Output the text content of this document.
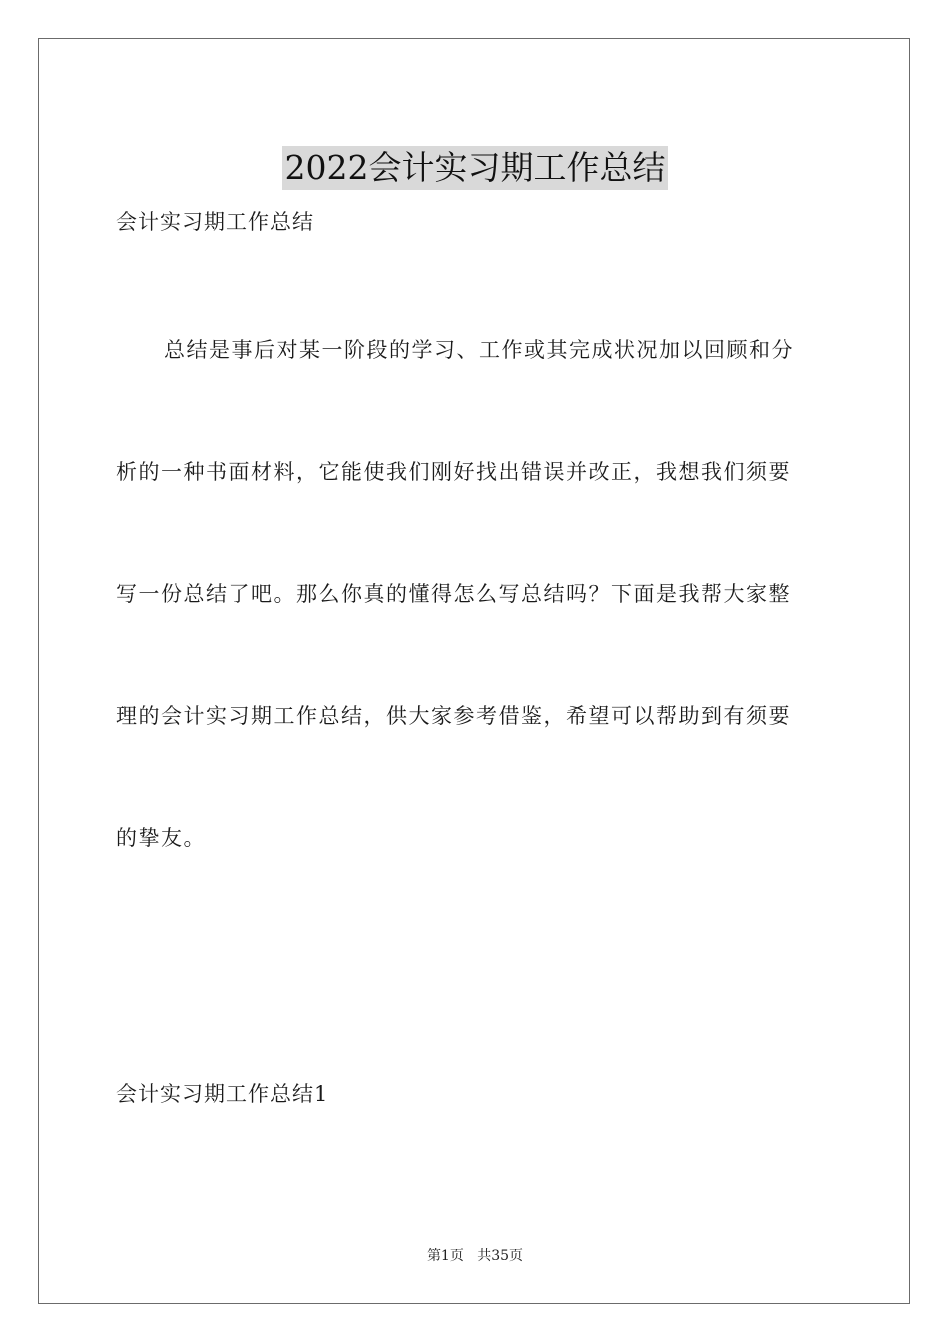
2022会计实习期工作总结
会计实习期工作总结
总结是事后对某一阶段的学习、工作或其完成状况加以回顾和分
析的一种书面材料，它能使我们刚好找出错误并改正，我想我们须要
写一份总结了吧。那么你真的懂得怎么写总结吗？下面是我帮大家整
理的会计实习期工作总结，供大家参考借鉴，希望可以帮助到有须要
的挚友。
会计实习期工作总结1
第1页 共35页
